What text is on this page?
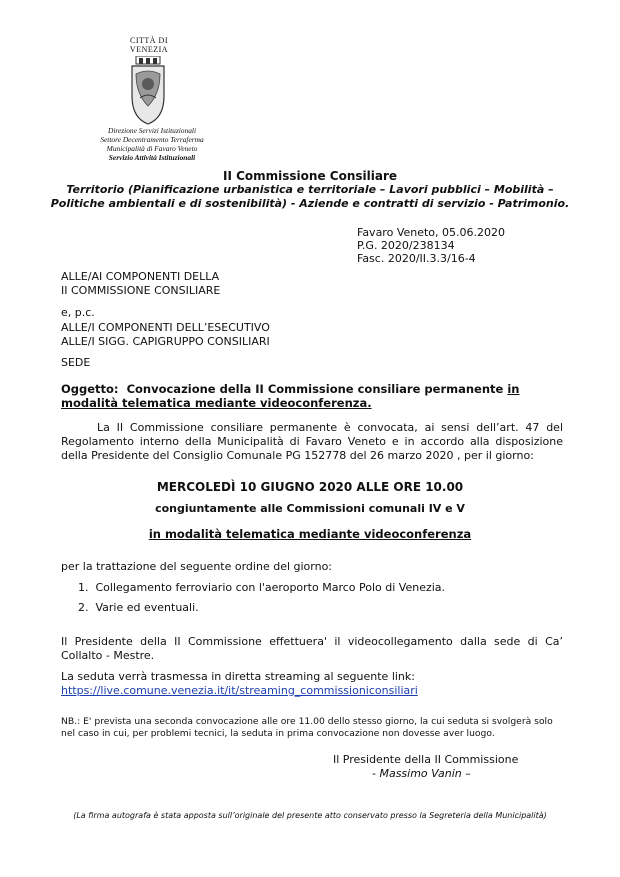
CITTÀ DI
VENEZIA
Direzione Servizi Istituzionali
Settore Decentramento Terraferma
Municipalità di Favaro Veneto
Servizio Attività Istituzionali
II Commissione Consiliare
Territorio (Pianificazione urbanistica e territoriale – Lavori pubblici – Mobilità –
Politiche ambientali e di sostenibilità) - Aziende e contratti di servizio - Patrimonio.
Favaro Veneto, 05.06.2020
P.G. 2020/238134
Fasc. 2020/II.3.3/16-4
ALLE/AI COMPONENTI DELLA
II COMMISSIONE CONSILIARE
e, p.c.
ALLE/I COMPONENTI DELL’ESECUTIVO
ALLE/I SIGG. CAPIGRUPPO CONSILIARI
SEDE
Oggetto: Convocazione della II Commissione consiliare permanente in modalità telematica mediante videoconferenza.
La II Commissione consiliare permanente è convocata, ai sensi dell’art. 47 del Regolamento interno della Municipalità di Favaro Veneto e in accordo alla disposizione della Presidente del Consiglio Comunale PG 152778 del 26 marzo 2020 , per il giorno:
MERCOLEDÌ 10 GIUGNO 2020 ALLE ORE 10.00
congiuntamente alle Commissioni comunali IV e V
in modalità telematica mediante videoconferenza
per la trattazione del seguente ordine del giorno:
1. Collegamento ferroviario con l'aeroporto Marco Polo di Venezia.
2. Varie ed eventuali.
Il Presidente della II Commissione effettuera' il videocollegamento dalla sede di Ca’ Collalto - Mestre.
La seduta verrà trasmessa in diretta streaming al seguente link:
https://live.comune.venezia.it/it/streaming_commissioniconsiliari
NB.: E' prevista una seconda convocazione alle ore 11.00 dello stesso giorno, la cui seduta si svolgerà solo nel caso in cui, per problemi tecnici, la seduta in prima convocazione non dovesse aver luogo.
Il Presidente della II Commissione
- Massimo Vanin –
(La firma autografa è stata apposta sull’originale del presente atto conservato presso la Segreteria della Municipalità)
